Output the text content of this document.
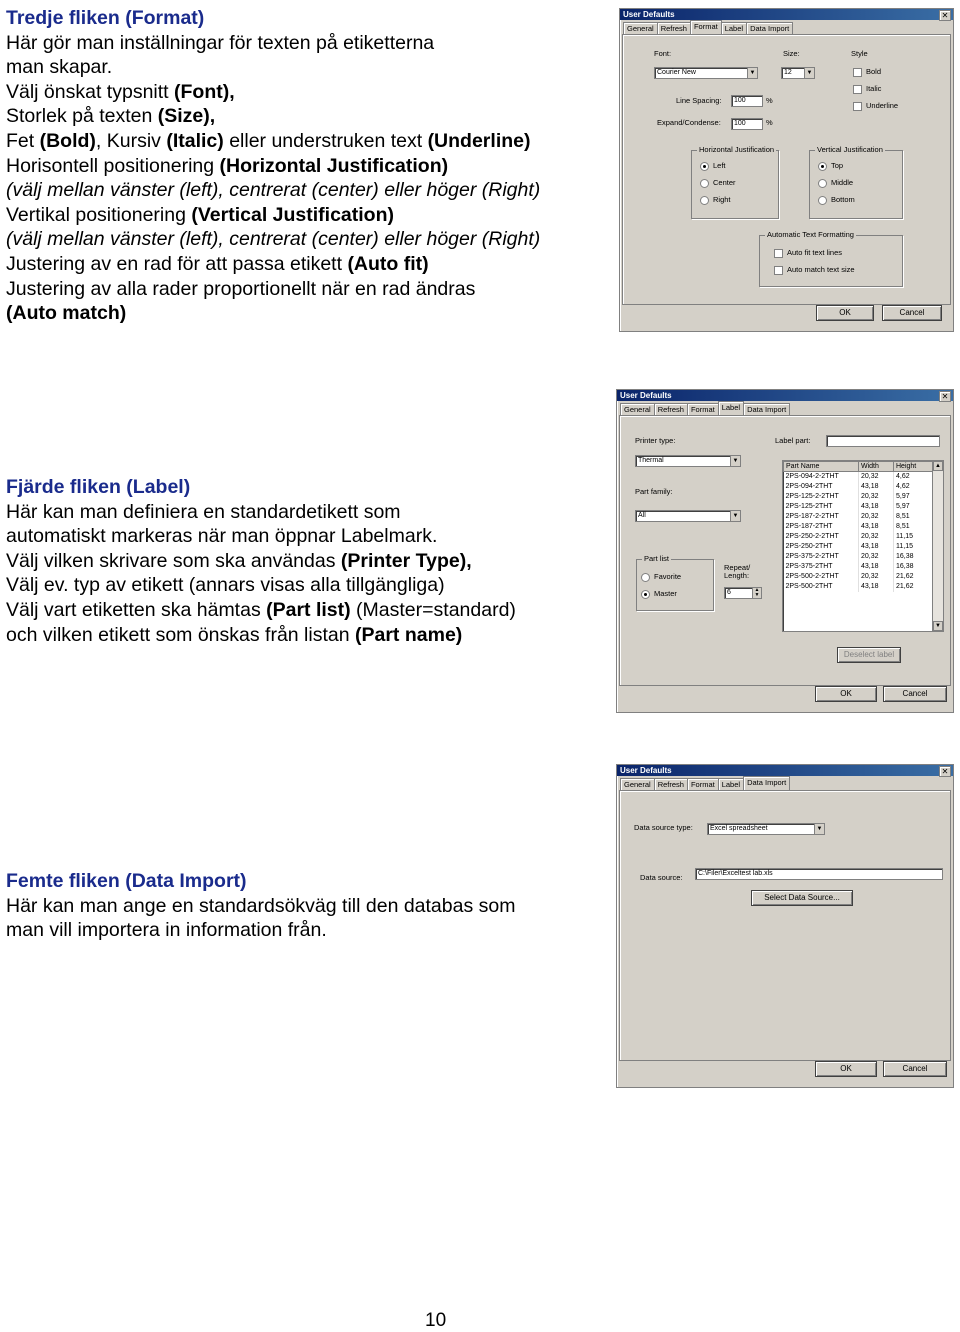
Tredje fliken (Format)
Här gör man inställningar för texten på etiketterna
man skapar.
Välj önskat typsnitt (Font),
Storlek på texten (Size),
Fet (Bold), Kursiv (Italic) eller understruken text (Underline)
Horisontell positionering (Horizontal Justification)
(välj mellan vänster (left), centrerat (center) eller höger (Right)
Vertikal positionering (Vertical Justification)
(välj mellan vänster (left), centrerat (center) eller höger (Right)
Justering av en rad för att passa etikett (Auto fit)
Justering av alla rader proportionellt när en rad ändras
(Auto match)
Fjärde fliken (Label)
Här kan man definiera en standardetikett som
automatiskt markeras när man öppnar Labelmark.
Välj vilken skrivare som ska användas (Printer Type),
Välj ev. typ av etikett (annars visas alla tillgängliga)
Välj vart etiketten ska hämtas (Part list) (Master=standard)
och vilken etikett som önskas från listan (Part name)
Femte fliken (Data Import)
Här kan man ange en standardsökväg till den databas som
man vill importera in information från.
10
User Defaults	✕
General Refresh Format Label Data Import
Font:
Courier New	▼
Size:
12	▼
Style
Bold
Italic
Underline
Line Spacing:	100	%
Expand/Condense:	100	%
Horizontal Justification
Left
Center
Right
Vertical Justification
Top
Middle
Bottom
Automatic Text Formatting
Auto fit text lines
Auto match text size
OK	Cancel
User Defaults	✕
General Refresh Format Label Data Import
Printer type:
Thermal	▼
Label part:
Part family:
All	▼
Part list
Favorite
Master
Repeat/ Length:
6	▲
▼
Part Name	Width	Height
2PS-094-2-2THT	20,32	4,62
2PS-094-2THT	43,18	4,62
2PS-125-2-2THT	20,32	5,97
2PS-125-2THT	43,18	5,97
2PS-187-2-2THT	20,32	8,51
2PS-187-2THT	43,18	8,51
2PS-250-2-2THT	20,32	11,15
2PS-250-2THT	43,18	11,15
2PS-375-2-2THT	20,32	16,38
2PS-375-2THT	43,18	16,38
2PS-500-2-2THT	20,32	21,62
2PS-500-2THT	43,18	21,62
▲
▼
Deselect label
OK	Cancel
User Defaults	✕
General Refresh Format Label Data Import
Data source type:	Excel spreadsheet	▼
Data source:	C:\Filer\Exceltest lab.xls
Select Data Source...
OK	Cancel
